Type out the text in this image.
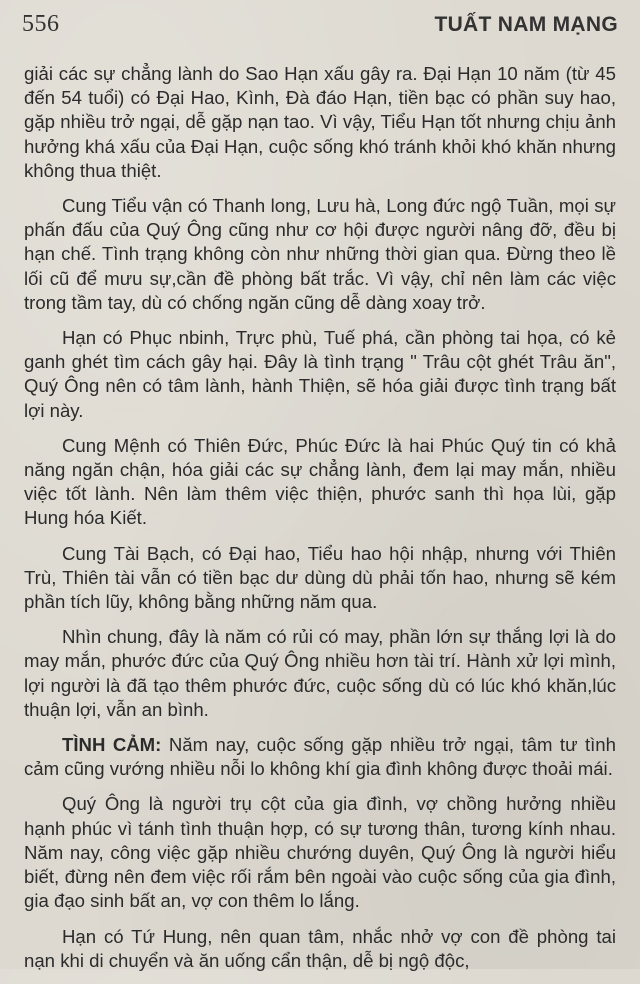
556	TUẤT NAM MẠNG

giải các sự chẳng lành do Sao Hạn xấu gây ra. Đại Hạn 10 năm (từ 45 đến 54 tuổi) có Đại Hao, Kình, Đà đáo Hạn, tiền bạc có phần suy hao, gặp nhiều trở ngại, dễ gặp nạn tao. Vì vậy, Tiểu Hạn tốt nhưng chịu ảnh hưởng khá xấu của Đại Hạn, cuộc sống khó tránh khỏi khó khăn nhưng không thua thiệt.

Cung Tiểu vận có Thanh long, Lưu hà, Long đức ngộ Tuần, mọi sự phấn đấu của Quý Ông cũng như cơ hội được người nâng đỡ, đều bị hạn chế. Tình trạng không còn như những thời gian qua. Đừng theo lề lối cũ để mưu sự,cần đề phòng bất trắc. Vì vậy, chỉ nên làm các việc trong tầm tay, dù có chống ngăn cũng dễ dàng xoay trở.

Hạn có Phục nbinh, Trực phù, Tuế phá, cần phòng tai họa, có kẻ ganh ghét tìm cách gây hại. Đây là tình trạng " Trâu cột ghét Trâu ăn", Quý Ông nên có tâm lành, hành Thiện, sẽ hóa giải được tình trạng bất lợi này.

Cung Mệnh có Thiên Đức, Phúc Đức là hai Phúc Quý tin có khả năng ngăn chận, hóa giải các sự chẳng lành, đem lại may mắn, nhiều việc tốt lành. Nên làm thêm việc thiện, phước sanh thì họa lùi, gặp Hung hóa Kiết.

Cung Tài Bạch, có Đại hao, Tiểu hao hội nhập, nhưng với Thiên Trù, Thiên tài vẫn có tiền bạc dư dùng dù phải tốn hao, nhưng sẽ kém phần tích lũy, không bằng những năm qua.

Nhìn chung, đây là năm có rủi có may, phần lớn sự thắng lợi là do may mắn, phước đức của Quý Ông nhiều hơn tài trí. Hành xử lợi mình, lợi người là đã tạo thêm phước đức, cuộc sống dù có lúc khó khăn,lúc thuận lợi, vẫn an bình.

TÌNH CẢM: Năm nay, cuộc sống gặp nhiều trở ngại, tâm tư tình cảm cũng vướng nhiều nỗi lo không khí gia đình không được thoải mái.

Quý Ông là người trụ cột của gia đình, vợ chồng hưởng nhiều hạnh phúc vì tánh tình thuận hợp, có sự tương thân, tương kính nhau. Năm nay, công việc gặp nhiều chướng duyên, Quý Ông là người hiểu biết, đừng nên đem việc rối rắm bên ngoài vào cuộc sống của gia đình, gia đạo sinh bất an, vợ con thêm lo lắng.

Hạn có Tứ Hung, nên quan tâm, nhắc nhở vợ con đề phòng tai nạn khi di chuyển và ăn uống cẩn thận, dễ bị ngộ độc,
